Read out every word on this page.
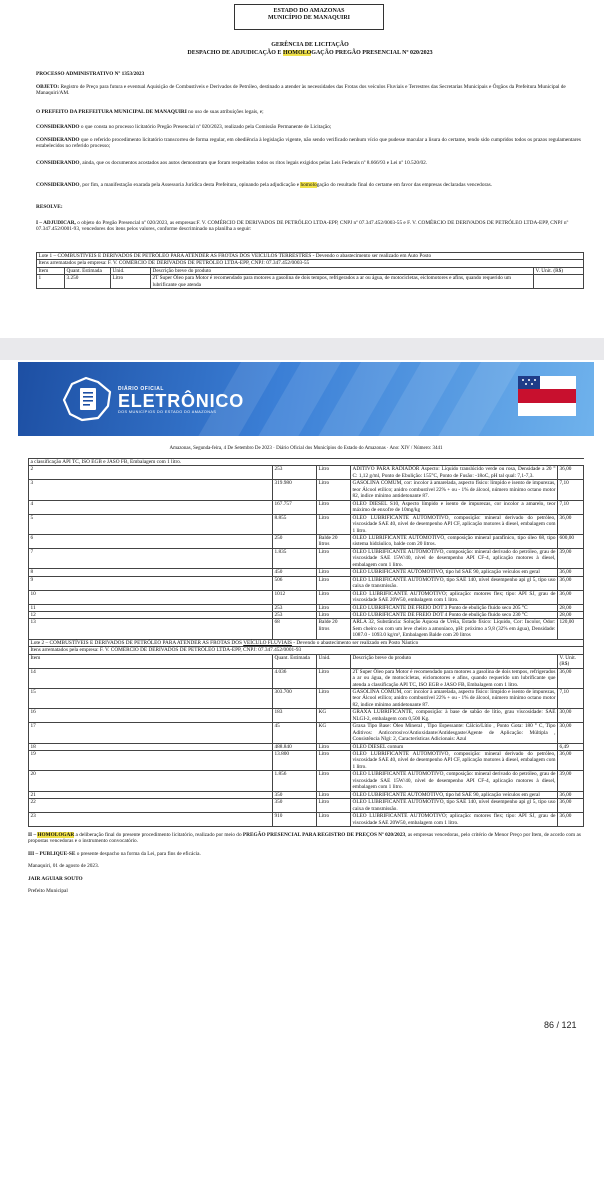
ESTADO DO AMAZONAS
MUNICÍPIO DE MANAQUIRI
GERÊNCIA DE LICITAÇÃO
DESPACHO DE ADJUDICAÇÃO E HOMOLOGAÇÃO PREGÃO PRESENCIAL Nº 020/2023
PROCESSO ADMINISTRATIVO Nº 1353/2023
OBJETO: Registro de Preço para futura e eventual Aquisição de Combustíveis e Derivados de Petróleo, destinado a atender às necessidades das Frotas dos veículos Fluviais e Terrestres das Secretarias Municipais e Órgãos da Prefeitura Municipal de Manaquiri/AM.
O PREFEITO DA PREFEITURA MUNICIPAL DE MANAQUIRI no uso de suas atribuições legais, e;
CONSIDERANDO o que consta no processo licitatório Pregão Presencial nº 020/2023, realizado pela Comissão Permanente de Licitação;
CONSIDERANDO que o referido procedimento licitatório transcorreu de forma regular, em obediência à legislação vigente, não sendo verificado nenhum vício que pudesse macular a lisura do certame, tendo sido cumpridos todos os prazos regulamentares estabelecidos no referido processo;
CONSIDERANDO, ainda, que os documentos acostados aos autos demonstram que foram respeitados todos os ritos legais exigidos pelas Leis Federais nº 8.666/93 e Lei nº 10.520/02.
CONSIDERANDO, por fim, a manifestação exarada pela Assessoria Jurídica desta Prefeitura, opinando pela adjudicação e homologação do resultado final do certame em favor das empresas declaradas vencedoras.
RESOLVE:
I – ADJUDICAR, o objeto do Pregão Presencial nº 020/2023, as empresas:F. V. COMÉRCIO DE DERIVADOS DE PETRÓLEO LTDA-EPP, CNPJ nº 07.347.452/0003-55 e F. V. COMÉRCIO DE DERIVADOS DE PETRÓLEO LTDA-EPP, CNPJ nº 07.347.452/0001-93, vencedores dos itens pelos valores, conforme descriminado na planilha a seguir:
Lote 1 – COMBUSTÍVEIS E DERIVADOS DE PETRÓLEO PARA ATENDER AS FROTAS DOS VEÍCULOS TERRESTRES - Devendo o abastecimento ser realizado em Auto Posto				
Itens arrematados pela empresa: F. V. COMÉRCIO DE DERIVADOS DE PETRÓLEO LTDA-EPP, CNPJ: 07.347.452/0003-55				
Item	Quant. Estimada	Unid.	Descrição breve do produto	V. Unit. (R$)
1	3.250	Litro	2T Super Óleo para Motor é recomendado para motores a gasolina de dois tempos, refrigerados a ar ou água, de motocicletas, eiclomotores e afins, quando requerido um lubrificante que atenda	
DIÁRIO OFICIAL
ELETRÔNICO
DOS MUNICÍPIOS DO ESTADO DO AMAZONAS
Amazonas, Segunda-feira, 4 De Setembro De 2023 · Diário Oficial dos Municípios do Estado do Amazonas · Ano: XIV / Número: 3441
a classificação API TC, ISO EGB e JASO FB, Embalagem com 1 litro.				
2	253	Litro	ADITIVO PARA RADIADOR Aspecto: Líquido translúcido verde ou rosa, Densidade a 20 ° C: 1,12 g/ml, Ponto de Ebulição: 155°C, Ponto de Fusão: -18oC, pH tal qual: 7,1-7,3.	36,00
3	319.980	Litro	GASOLINA COMUM, cor: incolor à amarelada, aspecto físico: límpido e isento de impurezas, teor Álcool etílico; anidro combustível 22% + ou - 1% de álcool, número mínimo octano motor 82, indice mínimo antidetonante 87.	7,10
4	167.757	Litro	ÓLEO DIESEL S10, Aspecto límpido e isento de impurezas, cor incolor a amarelo, teor máximo de enxofre de 10mg/kg	7,10
5	8.855	Litro	ÓLEO LUBRIFICANTE AUTOMOTIVO, composição: mineral derivado do petróleo, viscosidade SAE 40, nível de desempenho API CF, aplicação motores à diesel, embalagem com 1 litro.	36,00
6	250	Balde 20 litros	ÓLEO LUBRIFICANTE AUTOMOTIVO, composição mineral parafínico, tipo óleo 68, tipo sistema hidráulico, balde com 20 litros.	600,00
7	1.835	Litro	ÓLEO LUBRIFICANTE AUTOMOTIVO, composição: mineral derivado do petróleo, grau de viscosidade SAE 15W/40, nível de desempenho API CF-4, aplicação motores à diesel, embalagem com 1 litro.	39,00
8	450	Litro	ÓLEO LUBRIFICANTE AUTOMOTIVO, tipo hd SAE 90, aplicação veículos em geral	36,00
9	506	Litro	ÓLEO LUBRIFICANTE AUTOMOTIVO, tipo SAE 140, nível desempenho api gl 5, tipo uso caixa de transmissão.	36,00
10	1012	Litro	ÓLEO LUBRIFICANTE AUTOMOTIVO; aplicação: motores flex; tipo: API SJ, grau de viscosidade SAE 20W50, embalagem com 1 litro.	36,00
11	253	Litro	ÓLEO LUBRIFICANTE DE FREIO DOT 3 Ponto de ebulição fluido seco 205 °C	28,00
12	253	Litro	ÓLEO LUBRIFICANTE DE FREIO DOT 4 Ponto de ebulição fluido seco 230 °C	28,00
13	68	Balde 20 litros	ARLA 32, Substância: Solução Aquosa de Uréia, Estado físico: Líquido, Cor: Incolor, Odor: Sem cheiro ou com um leve cheiro a amoníaco, pH: próximo a 9,8 (32% em água), Densidade: 1087.0 - 1093.0 kg/m³, Embalagem Balde com 20 litros	120,00
Lote 2 – COMBUSTÍVEIS E DERIVADOS DE PETRÓLEO PARA ATENDER AS FROTAS DOS VEÍCULO FLUVIAIS - Devendo o abastecimento ser realizado em Posto Náutico				
Itens arrematados pela empresa: F. V. COMÉRCIO DE DERIVADOS DE PETRÓLEO LTDA-EPP, CNPJ: 07.347.452/0001-93				
Item	Quant. Estimada	Unid.	Descrição breve do produto	V. Unit. (R$)
14	4.036	Litro	2T Super Óleo para Motor é recomendado para motores a gasolina de dois tempos, refrigerados a ar ou água, de motocicletas, eiclomotores e afins, quando requerido um lubrificante que atenda a classificação API TC, ISO EGB e JASO FB, Embalagem com 1 litro.	36,00
15	303.700	Litro	GASOLINA COMUM, cor: incolor à amarelada, aspecto físico: límpido e isento de impurezas, teor Álcool etílico; anidro combustível 22% + ou - 1% de álcool, número mínimo octano motor 82, indice mínimo antidetonante 87.	7,10
16	183	KG	GRAXA LUBRIFICANTE, composição: à base de sabão de lítio, grau viscosidade: SAE NLGI-2, embalagem com 0,500 Kg.	30,00
17	45	KG	Graxa Tipo Base: Óleo Mineral , Tipo Espessante: Cálcio/Lítio , Ponto Gota: 180 ° C, Tipo Aditivos: Anticorrosivo/Antioxidante/Antidesgaste/Agente de Aplicação: Múltipla , Consistência Nlgi: 2, Características Adicionais: Azul	30,00
18	488.840	Litro	ÓLEO DIESEL comum	6,49
19	13.800	Litro	ÓLEO LUBRIFICANTE AUTOMOTIVO, composição: mineral derivado do petróleo, viscosidade SAE 40, nível de desempenho API CF, aplicação motores à diesel, embalagem com 1 litro.	36,00
20	1.856	Litro	ÓLEO LUBRIFICANTE AUTOMOTIVO, composição: mineral derivado do petróleo, grau de viscosidade SAE 15W/40, nível de desempenho API CF-4, aplicação motores à diesel, embalagem com 1 litro.	39,00
21	350	Litro	ÓLEO LUBRIFICANTE AUTOMOTIVO, tipo hd SAE 90, aplicação veículos em geral	36,00
22	350	Litro	ÓLEO LUBRIFICANTE AUTOMOTIVO, tipo SAE 140, nível desempenho api gl 5, tipo uso caixa de transmissão.	36,00
23	910	Litro	ÓLEO LUBRIFICANTE AUTOMOTIVO; aplicação: motores flex; tipo: API SJ, grau de viscosidade SAE 20W50, embalagem com 1 litro.	36,00
II – HOMOLOGAR a deliberação final do presente procedimento licitatório, realizado por meio do PREGÃO PRESENCIAL PARA REGISTRO DE PREÇOS Nº 020/2023, as empresas vencedoras, pelo critério de Menor Preço por Item, de acordo com as propostas vencedoras e o instrumento convocatório.
III – PUBLIQUE-SE o presente despacho na forma da Lei, para fins de eficácia.
Manaquiri, 01 de agosto de 2023.
JAIR AGUIAR SOUTO
Prefeito Municipal
86 / 121
